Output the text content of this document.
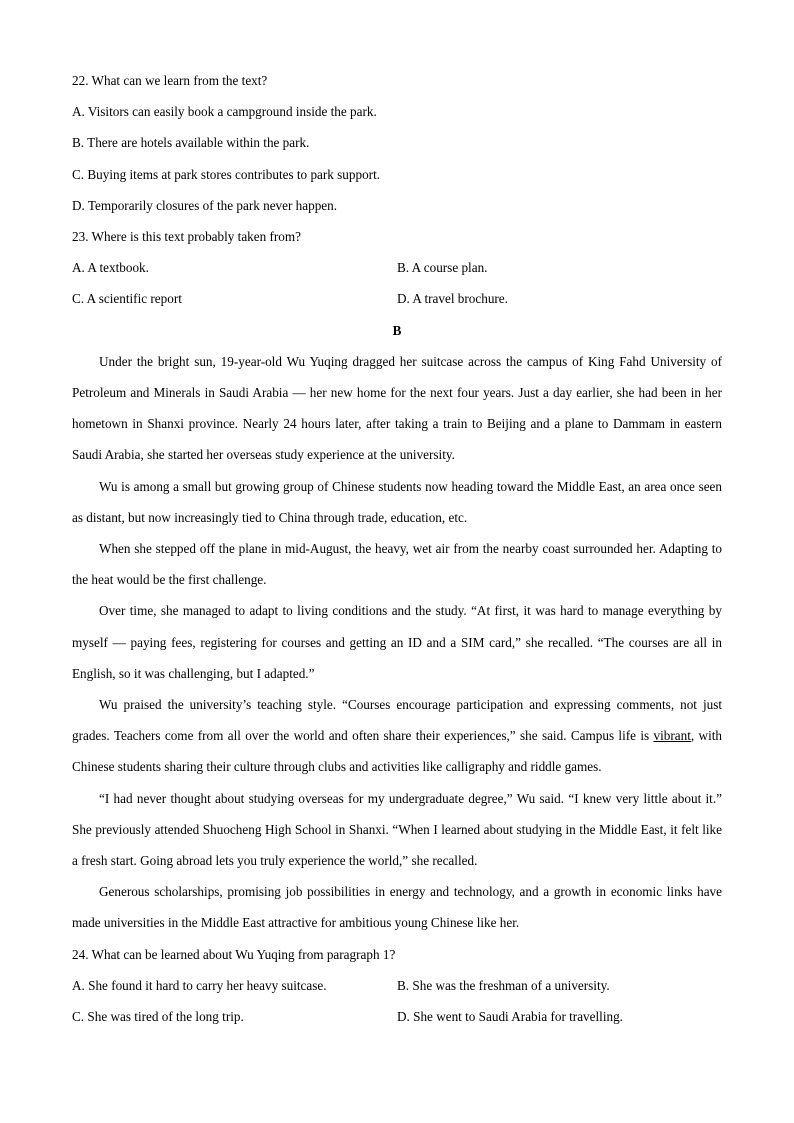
22. What can we learn from the text?
A. Visitors can easily book a campground inside the park.
B. There are hotels available within the park.
C. Buying items at park stores contributes to park support.
D. Temporarily closures of the park never happen.
23. Where is this text probably taken from?
A. A textbook.	B. A course plan.
C. A scientific report	D. A travel brochure.
B

Under the bright sun, 19-year-old Wu Yuqing dragged her suitcase across the campus of King Fahd University of Petroleum and Minerals in Saudi Arabia — her new home for the next four years. Just a day earlier, she had been in her hometown in Shanxi province. Nearly 24 hours later, after taking a train to Beijing and a plane to Dammam in eastern Saudi Arabia, she started her overseas study experience at the university.

Wu is among a small but growing group of Chinese students now heading toward the Middle East, an area once seen as distant, but now increasingly tied to China through trade, education, etc.

When she stepped off the plane in mid-August, the heavy, wet air from the nearby coast surrounded her. Adapting to the heat would be the first challenge.

Over time, she managed to adapt to living conditions and the study. “At first, it was hard to manage everything by myself — paying fees, registering for courses and getting an ID and a SIM card,” she recalled. “The courses are all in English, so it was challenging, but I adapted.”

Wu praised the university’s teaching style. “Courses encourage participation and expressing comments, not just grades. Teachers come from all over the world and often share their experiences,” she said. Campus life is vibrant, with Chinese students sharing their culture through clubs and activities like calligraphy and riddle games.

“I had never thought about studying overseas for my undergraduate degree,” Wu said. “I knew very little about it.” She previously attended Shuocheng High School in Shanxi. “When I learned about studying in the Middle East, it felt like a fresh start. Going abroad lets you truly experience the world,” she recalled.

Generous scholarships, promising job possibilities in energy and technology, and a growth in economic links have made universities in the Middle East attractive for ambitious young Chinese like her.

24. What can be learned about Wu Yuqing from paragraph 1?
A. She found it hard to carry her heavy suitcase.	B. She was the freshman of a university.
C. She was tired of the long trip.	D. She went to Saudi Arabia for travelling.
